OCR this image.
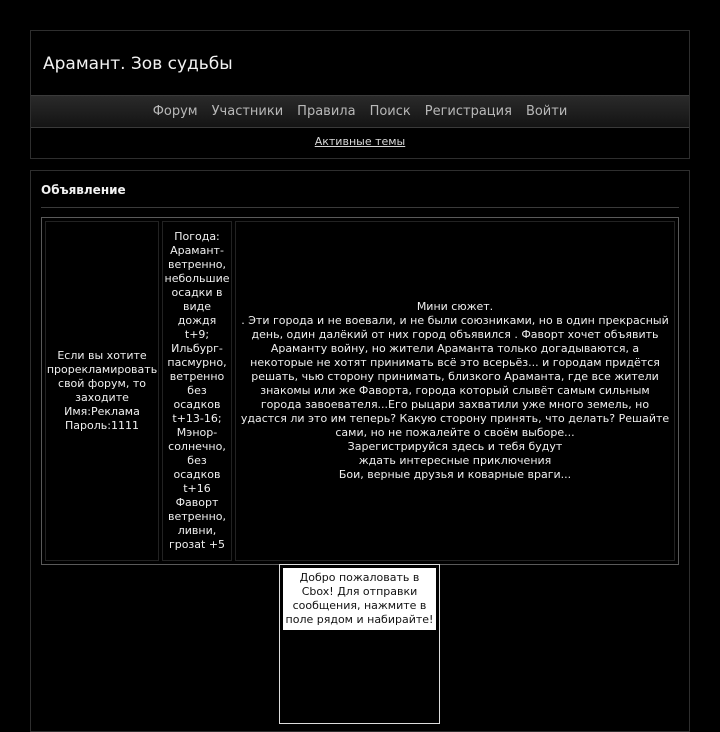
Арамант. Зов судьбы
Форум Участники Правила Поиск Регистрация Войти
Активные темы
Объявление
Если вы хотите
прорекламировать
свой форум, то
заходите
Имя:Реклама
Пароль:1111
Погода:
Арамант-
ветренно,
небольшие
осадки в
виде
дождя
t+9;
Ильбург-
пасмурно,
ветренно
без
осадков
t+13-16;
Мэнор-
солнечно,
без
осадков
t+16
Фаворт
ветренно,
ливни,
грозаt +5
Мини сюжет.
. Эти города и не воевали, и не были союзниками, но в один прекрасный день, один далёкий от них город объявился . Фаворт хочет объявить Араманту войну, но жители Араманта только догадываются, а некоторые не хотят принимать всё это всерьёз... и городам придётся решать, чью сторону принимать, близкого Араманта, где все жители знакомы или же Фаворта, города который слывёт самым сильным города завоевателя...Его рыцари захватили уже много земель, но удастся ли это им теперь? Какую сторону принять, что делать? Решайте сами, но не пожалейте о своём выборе...
Зарегистрируйся здесь и тебя будут
ждать интересные приключения
Бои, верные друзья и коварные враги...
Добро пожаловать в Cbox! Для отправки сообщения, нажмите в поле рядом и набирайте!
